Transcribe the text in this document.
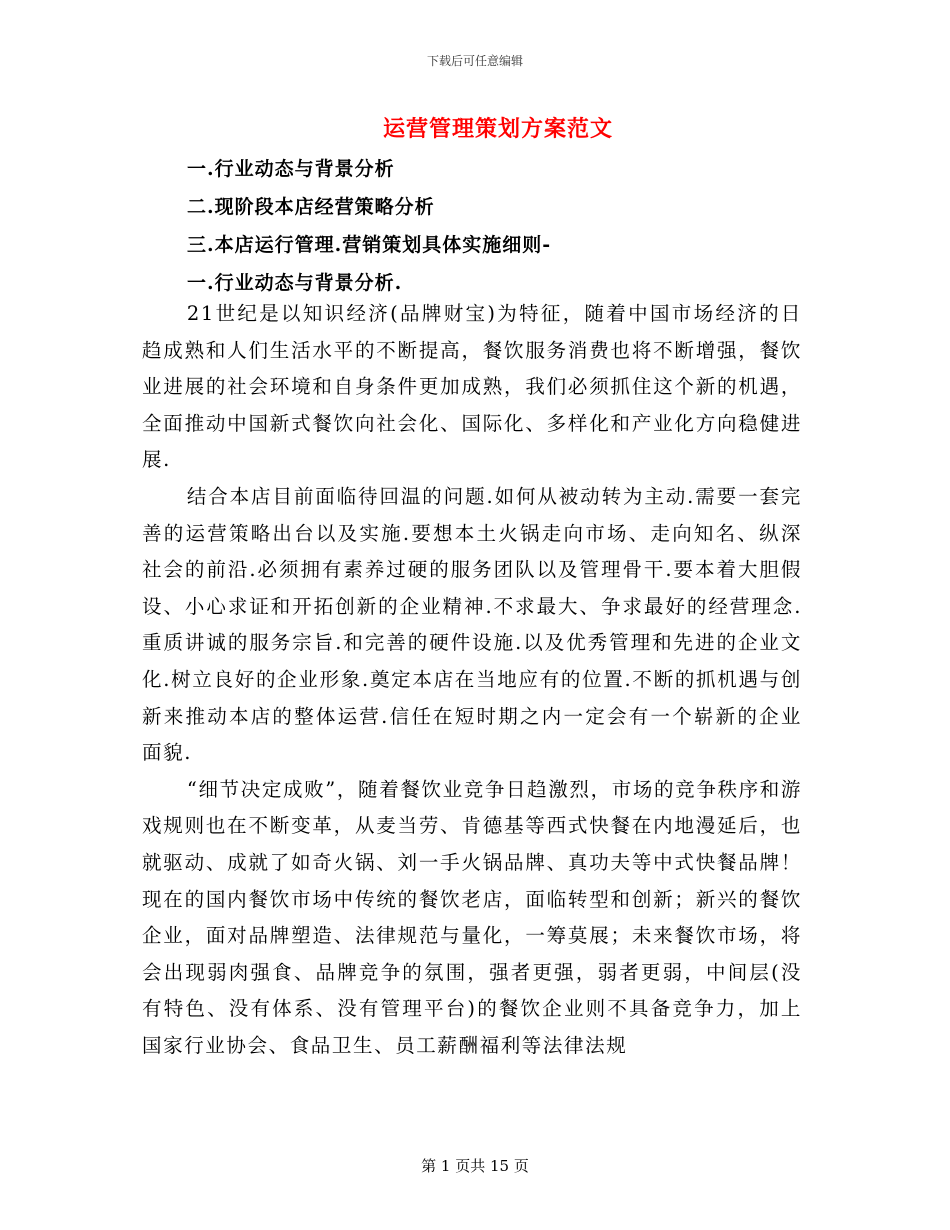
下载后可任意编辑
运营管理策划方案范文
一.行业动态与背景分析
二.现阶段本店经营策略分析
三.本店运行管理.营销策划具体实施细则-
一.行业动态与背景分析.

21世纪是以知识经济(品牌财宝)为特征，随着中国市场经济的日趋成熟和人们生活水平的不断提高，餐饮服务消费也将不断增强，餐饮业进展的社会环境和自身条件更加成熟，我们必须抓住这个新的机遇，全面推动中国新式餐饮向社会化、国际化、多样化和产业化方向稳健进展.

结合本店目前面临待回温的问题.如何从被动转为主动.需要一套完善的运营策略出台以及实施.要想本土火锅走向市场、走向知名、纵深社会的前沿.必须拥有素养过硬的服务团队以及管理骨干.要本着大胆假设、小心求证和开拓创新的企业精神.不求最大、争求最好的经营理念.重质讲诚的服务宗旨.和完善的硬件设施.以及优秀管理和先进的企业文化.树立良好的企业形象.奠定本店在当地应有的位置.不断的抓机遇与创新来推动本店的整体运营.信任在短时期之内一定会有一个崭新的企业面貌.

“细节决定成败”，随着餐饮业竞争日趋激烈，市场的竞争秩序和游戏规则也在不断变革，从麦当劳、肯德基等西式快餐在内地漫延后，也就驱动、成就了如奇火锅、刘一手火锅品牌、真功夫等中式快餐品牌！现在的国内餐饮市场中传统的餐饮老店，面临转型和创新；新兴的餐饮企业，面对品牌塑造、法律规范与量化，一筹莫展；未来餐饮市场，将会出现弱肉强食、品牌竞争的氛围，强者更强，弱者更弱，中间层(没有特色、没有体系、没有管理平台)的餐饮企业则不具备竞争力，加上国家行业协会、食品卫生、员工薪酬福利等法律法规

第 1 页共 15 页
